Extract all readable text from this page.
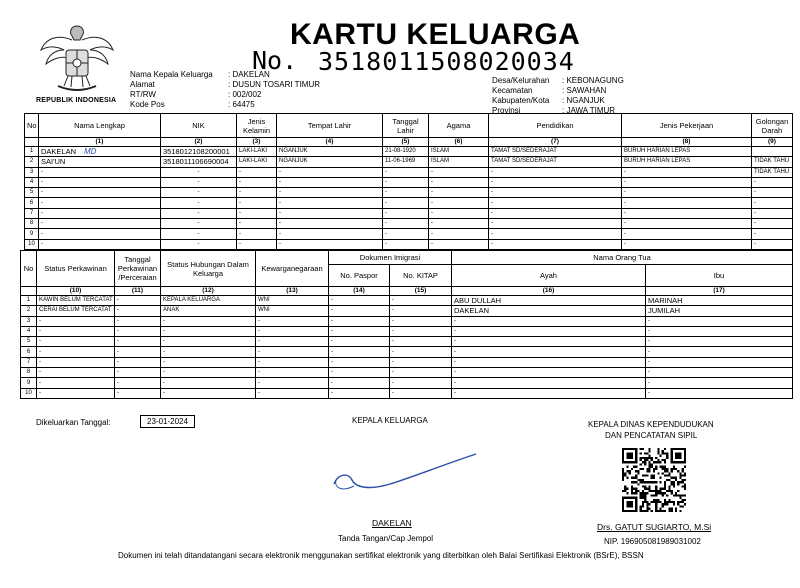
REPUBLIK INDONESIA
KARTU KELUARGA
No. 3518011508020034
Nama Kepala Keluarga	: DAKELAN
Alamat	: DUSUN TOSARI TIMUR
RT/RW	: 002/002
Kode Pos	: 64475
Desa/Kelurahan	: KEBONAGUNG
Kecamatan	: SAWAHAN
Kabupaten/Kota	: NGANJUK
Provinsi	: JAWA TIMUR
No	Nama Lengkap	NIK	Jenis Kelamin	Tempat Lahir	Tanggal Lahir	Agama	Pendidikan	Jenis Pekerjaan	Golongan Darah
	(1)	(2)	(3)	(4)	(5)	(6)	(7)	(8)	(9)
1	DAKELAN MD	3518012108200001	LAKI-LAKI	NGANJUK	21-08-1920	ISLAM	TAMAT SD/SEDERAJAT	BURUH HARIAN LEPAS	
2	SAI'UN	3518011106690004	LAKI-LAKI	NGANJUK	11-06-1969	ISLAM	TAMAT SD/SEDERAJAT	BURUH HARIAN LEPAS	TIDAK TAHU
3	-	-	-	-	-	-	-	-	TIDAK TAHU
4	-	-	-	-	-	-	-	-	-
5	-	-	-	-	-	-	-	-	-
6	-	-	-	-	-	-	-	-	-
7	-	-	-	-	-	-	-	-	-
8	-	-	-	-	-	-	-	-	-
9	-	-	-	-	-	-	-	-	-
10	-	-	-	-	-	-	-	-	-
No	Status Perkawinan	Tanggal Perkawinan /Perceraian	Status Hubungan Dalam Keluarga	Kewarganegaraan	Dokumen Imigrasi		Nama Orang Tua	
					No. Paspor	No. KITAP	Ayah	Ibu
	(10)	(11)	(12)	(13)	(14)	(15)	(16)	(17)
1	KAWIN BELUM TERCATAT	-	KEPALA KELUARGA	WNI	-	-	ABU DULLAH	MARINAH
2	CERAI BELUM TERCATAT	-	ANAK	WNI	-	-	DAKELAN	JUMILAH
3	-	-	-	-	-	-	-	-
4	-	-	-	-	-	-	-	-
5	-	-	-	-	-	-	-	-
6	-	-	-	-	-	-	-	-
7	-	-	-	-	-	-	-	-
8	-	-	-	-	-	-	-	-
9	-	-	-	-	-	-	-	-
10	-	-	-	-	-	-	-	-
Dikeluarkan Tanggal:	23-01-2024	KEPALA KELUARGA	KEPALA DINAS KEPENDUDUKAN
DAN PENCATATAN SIPIL
DAKELAN
Tanda Tangan/Cap Jempol
Drs. GATUT SUGIARTO, M.Si
NIP. 196905081989031002
Dokumen ini telah ditandatangani secara elektronik menggunakan sertifikat elektronik yang diterbitkan oleh Balai Sertifikasi Elektronik (BSrE), BSSN
